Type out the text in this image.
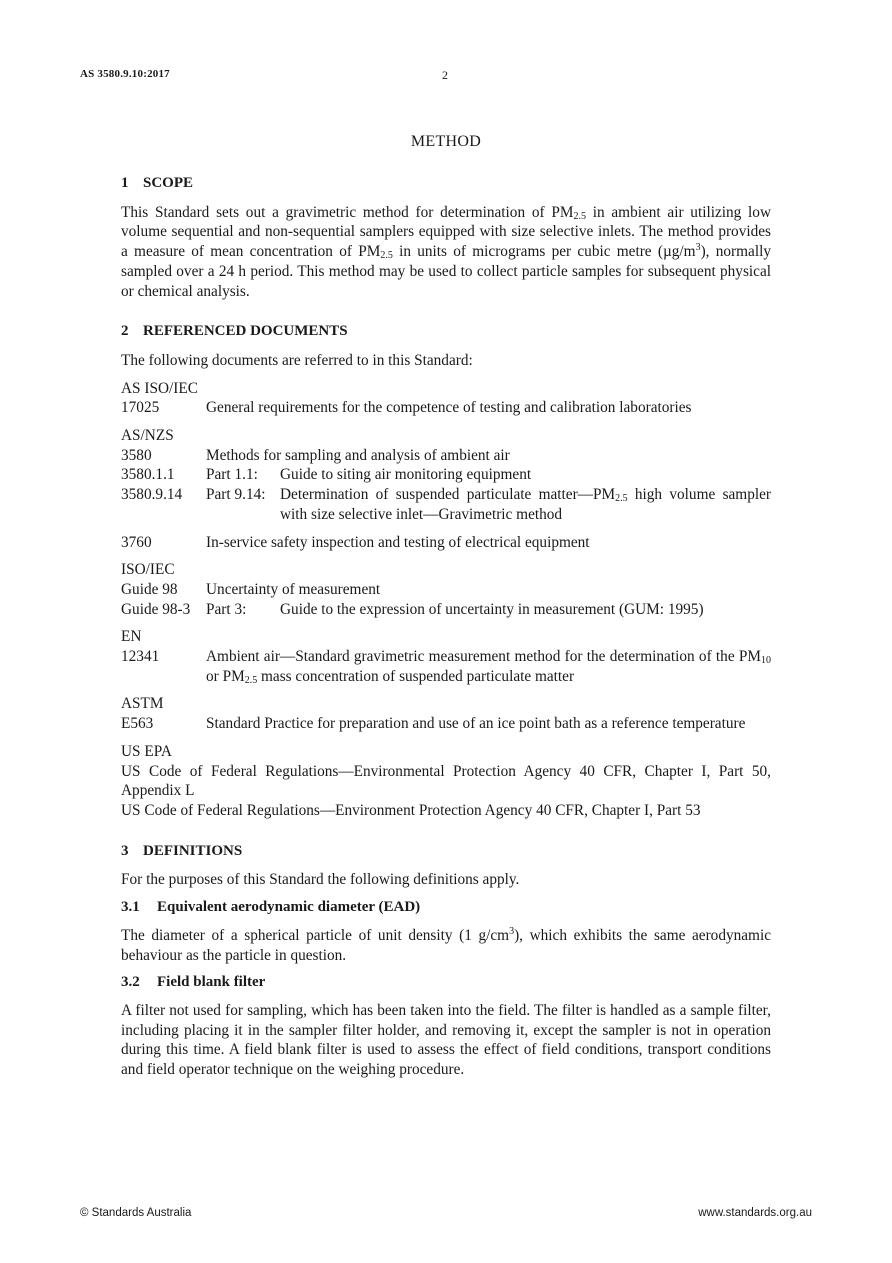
AS 3580.9.10:2017	2
METHOD
1 SCOPE

This Standard sets out a gravimetric method for determination of $PM_{2.5}$ in ambient air utilizing low volume sequential and non-sequential samplers equipped with size selective inlets. The method provides a measure of mean concentration of $PM_{2.5}$ in units of micrograms per cubic metre $(\mu g/m^3)$, normally sampled over a 24 h period. This method may be used to collect particle samples for subsequent physical or chemical analysis.

2 REFERENCED DOCUMENTS

The following documents are referred to in this Standard:

AS ISO/IEC

17025	General requirements for the competence of testing and calibration laboratories

AS/NZS

3580	Methods for sampling and analysis of ambient air
3580.1.1	Part 1.1:	Guide to siting air monitoring equipment
3580.9.14	Part 9.14: Determination of suspended particulate $matter—PM_{2.5}$ high volume sampler with size selective inlet—Gravimetric method
3760	In-service safety inspection and testing of electrical equipment

ISO/IEC

Guide 98	Uncertainty of measurement
Guide 98-3	Part 3:	Guide to the expression of uncertainty in measurement (GUM: 1995)

EN

12341	Ambient air—Standard gravimetric measurement method for the determination of the $PM_{10}$ or $PM_{2.5}$ mass concentration of suspended particulate matter

ASTM

E563	Standard Practice for preparation and use of an ice point bath as a reference temperature

US EPA

US Code of Federal Regulations—Environmental Protection Agency 40 CFR, Chapter I, Part 50, Appendix L

US Code of Federal Regulations—Environment Protection Agency 40 CFR, Chapter I, Part 53

3 DEFINITIONS

For the purposes of this Standard the following definitions apply.

3.1 Equivalent aerodynamic diameter (EAD)

The diameter of a spherical particle of unit density (1 $g/cm^3$), which exhibits the same aerodynamic behaviour as the particle in question.

3.2 Field blank filter

A filter not used for sampling, which has been taken into the field. The filter is handled as a sample filter, including placing it in the sampler filter holder, and removing it, except the sampler is not in operation during this time. A field blank filter is used to assess the effect of field conditions, transport conditions and field operator technique on the weighing procedure.

© Standards Australia	www.standards.org.au
